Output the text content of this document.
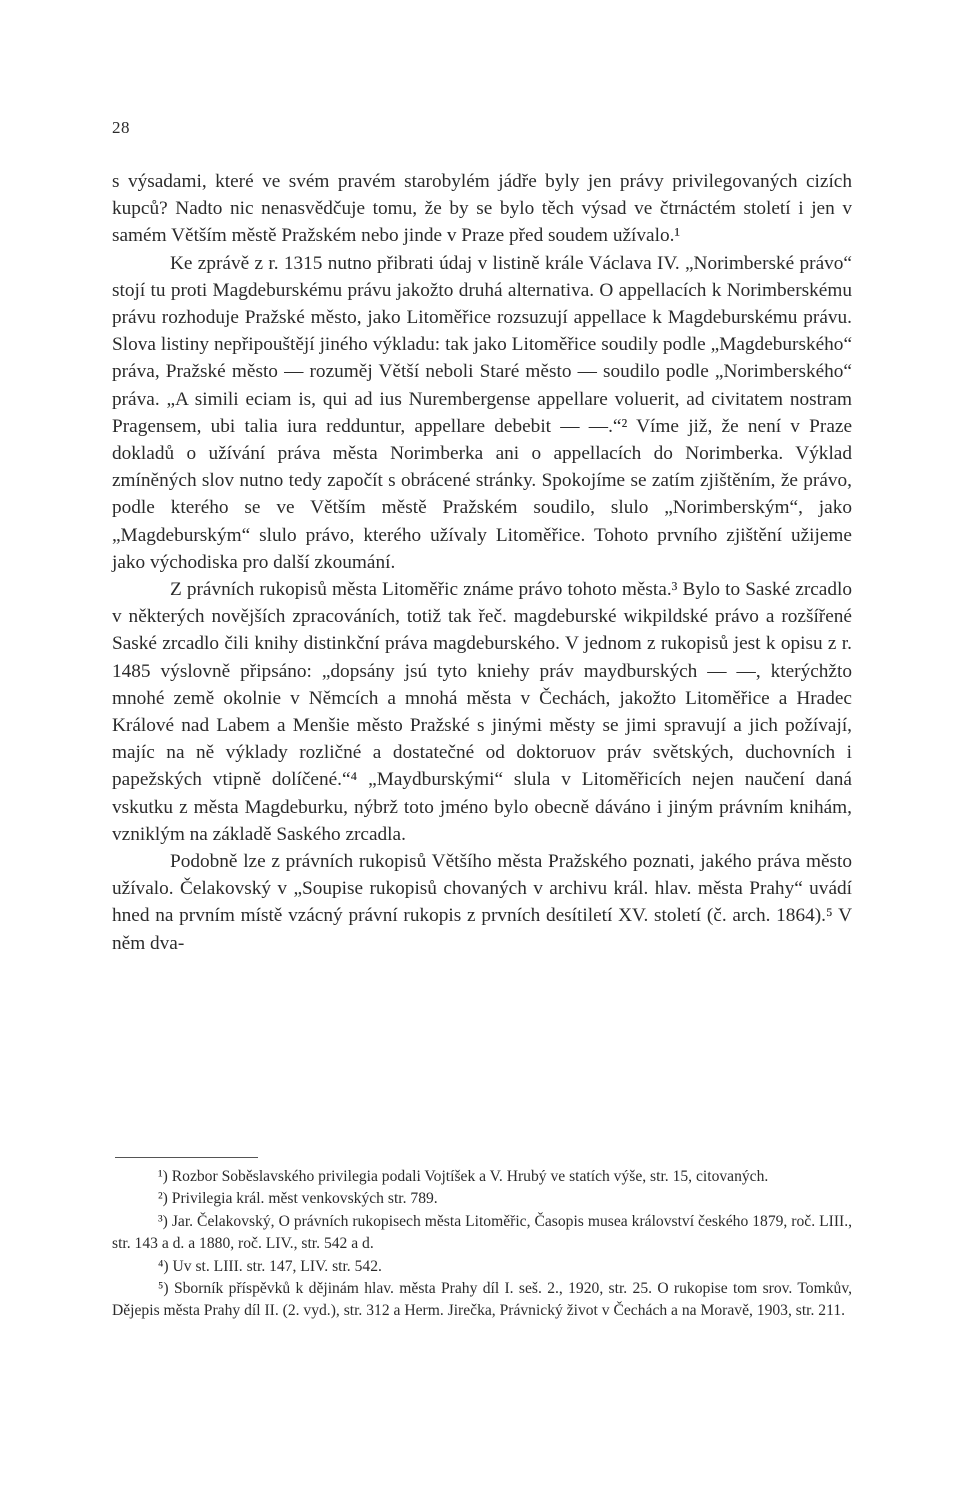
28

s výsadami, které ve svém pravém starobylém jádře byly jen právy privilegovaných cizích kupců? Nadto nic nenasvědčuje tomu, že by se bylo těch výsad ve čtrnáctém století i jen v samém Větším městě Pražském nebo jinde v Praze před soudem užívalo.¹

Ke zprávě z r. 1315 nutno přibrati údaj v listině krále Václava IV. „Norimberské právo“ stojí tu proti Magdeburskému právu jakožto druhá alternativa. O appellacích k Norimberskému právu rozhoduje Pražské město, jako Litoměřice rozsuzují appellace k Magdeburskému právu. Slova listiny nepřipouštějí jiného výkladu: tak jako Litoměřice soudily podle „Magdeburského“ práva, Pražské město — rozuměj Větší neboli Staré město — soudilo podle „Norimberského“ práva. „A simili eciam is, qui ad ius Nurembergense appellare voluerit, ad civitatem nostram Pragensem, ubi talia iura redduntur, appellare debebit — —.“² Víme již, že není v Praze dokladů o užívání práva města Norimberka ani o appellacích do Norimberka. Výklad zmíněných slov nutno tedy započít s obrácené stránky. Spokojíme se zatím zjištěním, že právo, podle kterého se ve Větším městě Pražském soudilo, slulo „Norimberským“, jako „Magdeburským“ slulo právo, kterého užívaly Litoměřice. Tohoto prvního zjištění užijeme jako východiska pro další zkoumání.

Z právních rukopisů města Litoměřic známe právo tohoto města.³ Bylo to Saské zrcadlo v některých novějších zpracováních, totiž tak řeč. magdeburské wikpildské právo a rozšířené Saské zrcadlo čili knihy distinkční práva magdeburského. V jednom z rukopisů jest k opisu z r. 1485 výslovně připsáno: „dopsány jsú tyto kniehy práv maydburských — —, kterýchžto mnohé země okolnie v Němcích a mnohá města v Čechách, jakožto Litoměřice a Hradec Králové nad Labem a Menšie město Pražské s jinými městy se jimi spravují a jich požívají, majíc na ně výklady rozličné a dostatečné od doktoruov práv světských, duchovních i papežských vtipně dolíčené.“⁴ „Maydburskými“ slula v Litoměřicích nejen naučení daná vskutku z města Magdeburku, nýbrž toto jméno bylo obecně dáváno i jiným právním knihám, vzniklým na základě Saského zrcadla.

Podobně lze z právních rukopisů Většího města Pražského poznati, jakého práva město užívalo. Čelakovský v „Soupise rukopisů chovaných v archivu král. hlav. města Prahy“ uvádí hned na prvním místě vzácný právní rukopis z prvních desítiletí XV. století (č. arch. 1864).⁵ V něm dva-

¹) Rozbor Soběslavského privilegia podali Vojtíšek a V. Hrubý ve statích výše, str. 15, citovaných.

²) Privilegia král. měst venkovských str. 789.

³) Jar. Čelakovský, O právních rukopisech města Litoměřic, Časopis musea království českého 1879, roč. LIII., str. 143 a d. a 1880, roč. LIV., str. 542 a d.

⁴) Uv st. LIII. str. 147, LIV. str. 542.

⁵) Sborník příspěvků k dějinám hlav. města Prahy díl I. seš. 2., 1920, str. 25. O rukopise tom srov. Tomkův, Dějepis města Prahy díl II. (2. vyd.), str. 312 a Herm. Jirečka, Právnický život v Čechách a na Moravě, 1903, str. 211.
